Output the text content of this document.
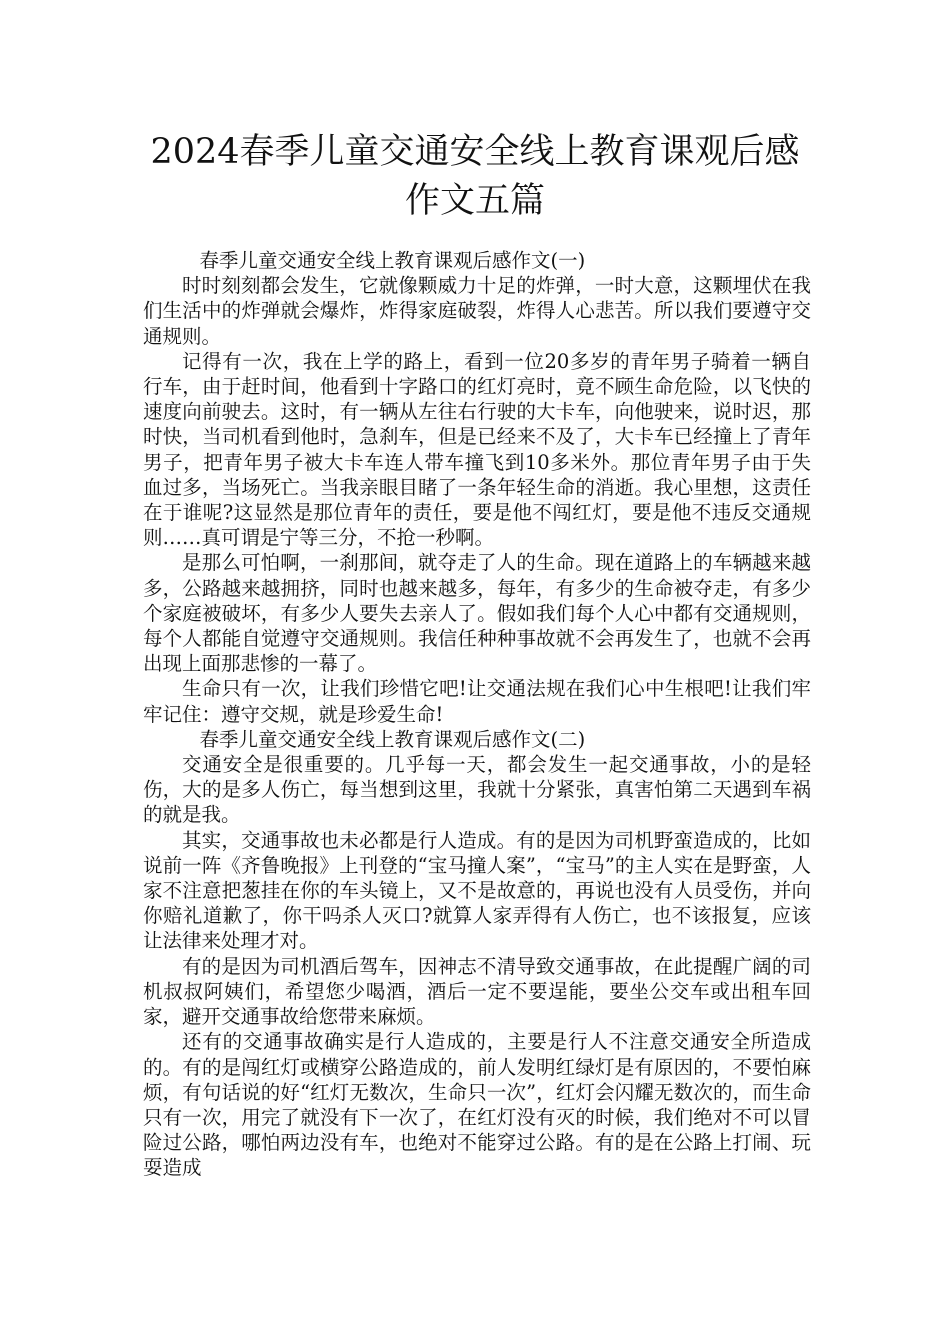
2024春季儿童交通安全线上教育课观后感
作文五篇

春季儿童交通安全线上教育课观后感作文(一)

时时刻刻都会发生，它就像颗威力十足的炸弹，一时大意，这颗埋伏在我们生活中的炸弹就会爆炸，炸得家庭破裂，炸得人心悲苦。所以我们要遵守交通规则。

记得有一次，我在上学的路上，看到一位20多岁的青年男子骑着一辆自行车，由于赶时间，他看到十字路口的红灯亮时，竟不顾生命危险，以飞快的速度向前驶去。这时，有一辆从左往右行驶的大卡车，向他驶来，说时迟，那时快，当司机看到他时，急刹车，但是已经来不及了，大卡车已经撞上了青年男子，把青年男子被大卡车连人带车撞飞到10多米外。那位青年男子由于失血过多，当场死亡。当我亲眼目睹了一条年轻生命的消逝。我心里想，这责任在于谁呢?这显然是那位青年的责任，要是他不闯红灯，要是他不违反交通规则……真可谓是宁等三分，不抢一秒啊。

是那么可怕啊，一刹那间，就夺走了人的生命。现在道路上的车辆越来越多，公路越来越拥挤，同时也越来越多，每年，有多少的生命被夺走，有多少个家庭被破坏，有多少人要失去亲人了。假如我们每个人心中都有交通规则，每个人都能自觉遵守交通规则。我信任种种事故就不会再发生了，也就不会再出现上面那悲惨的一幕了。

生命只有一次，让我们珍惜它吧!让交通法规在我们心中生根吧!让我们牢牢记住：遵守交规，就是珍爱生命!

春季儿童交通安全线上教育课观后感作文(二)

交通安全是很重要的。几乎每一天，都会发生一起交通事故，小的是轻伤，大的是多人伤亡，每当想到这里，我就十分紧张，真害怕第二天遇到车祸的就是我。

其实，交通事故也未必都是行人造成。有的是因为司机野蛮造成的，比如说前一阵《齐鲁晚报》上刊登的“宝马撞人案”，“宝马”的主人实在是野蛮，人家不注意把葱挂在你的车头镜上，又不是故意的，再说也没有人员受伤，并向你赔礼道歉了，你干吗杀人灭口?就算人家弄得有人伤亡，也不该报复，应该让法律来处理才对。

有的是因为司机酒后驾车，因神志不清导致交通事故，在此提醒广阔的司机叔叔阿姨们，希望您少喝酒，酒后一定不要逞能，要坐公交车或出租车回家，避开交通事故给您带来麻烦。

还有的交通事故确实是行人造成的，主要是行人不注意交通安全所造成的。有的是闯红灯或横穿公路造成的，前人发明红绿灯是有原因的，不要怕麻烦，有句话说的好“红灯无数次，生命只一次”，红灯会闪耀无数次的，而生命只有一次，用完了就没有下一次了，在红灯没有灭的时候，我们绝对不可以冒险过公路，哪怕两边没有车，也绝对不能穿过公路。有的是在公路上打闹、玩耍造成
